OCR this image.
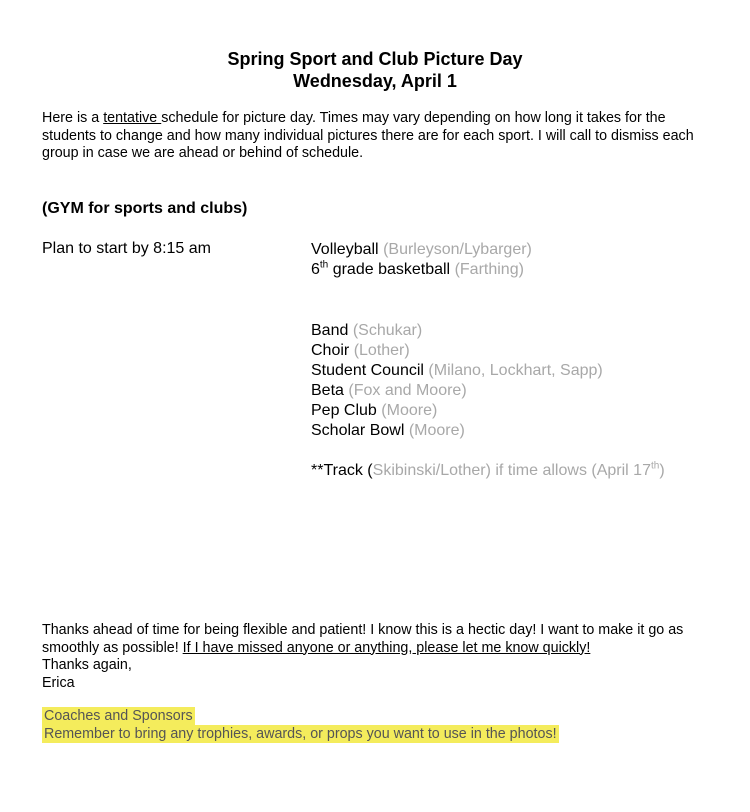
Spring Sport and Club Picture Day
Wednesday, April 1
Here is a tentative schedule for picture day. Times may vary depending on how long it takes for the students to change and how many individual pictures there are for each sport. I will call to dismiss each group in case we are ahead or behind of schedule.
(GYM for sports and clubs)
Plan to start by 8:15 am	Volleyball (Burleyson/Lybarger)
6th grade basketball (Farthing)
Band (Schukar)
Choir (Lother)
Student Council (Milano, Lockhart, Sapp)
Beta (Fox and Moore)
Pep Club (Moore)
Scholar Bowl (Moore)
**Track (Skibinski/Lother) if time allows (April 17th)
Thanks ahead of time for being flexible and patient! I know this is a hectic day! I want to make it go as smoothly as possible! If I have missed anyone or anything, please let me know quickly!
Thanks again,
Erica
Coaches and Sponsors
Remember to bring any trophies, awards, or props you want to use in the photos!
